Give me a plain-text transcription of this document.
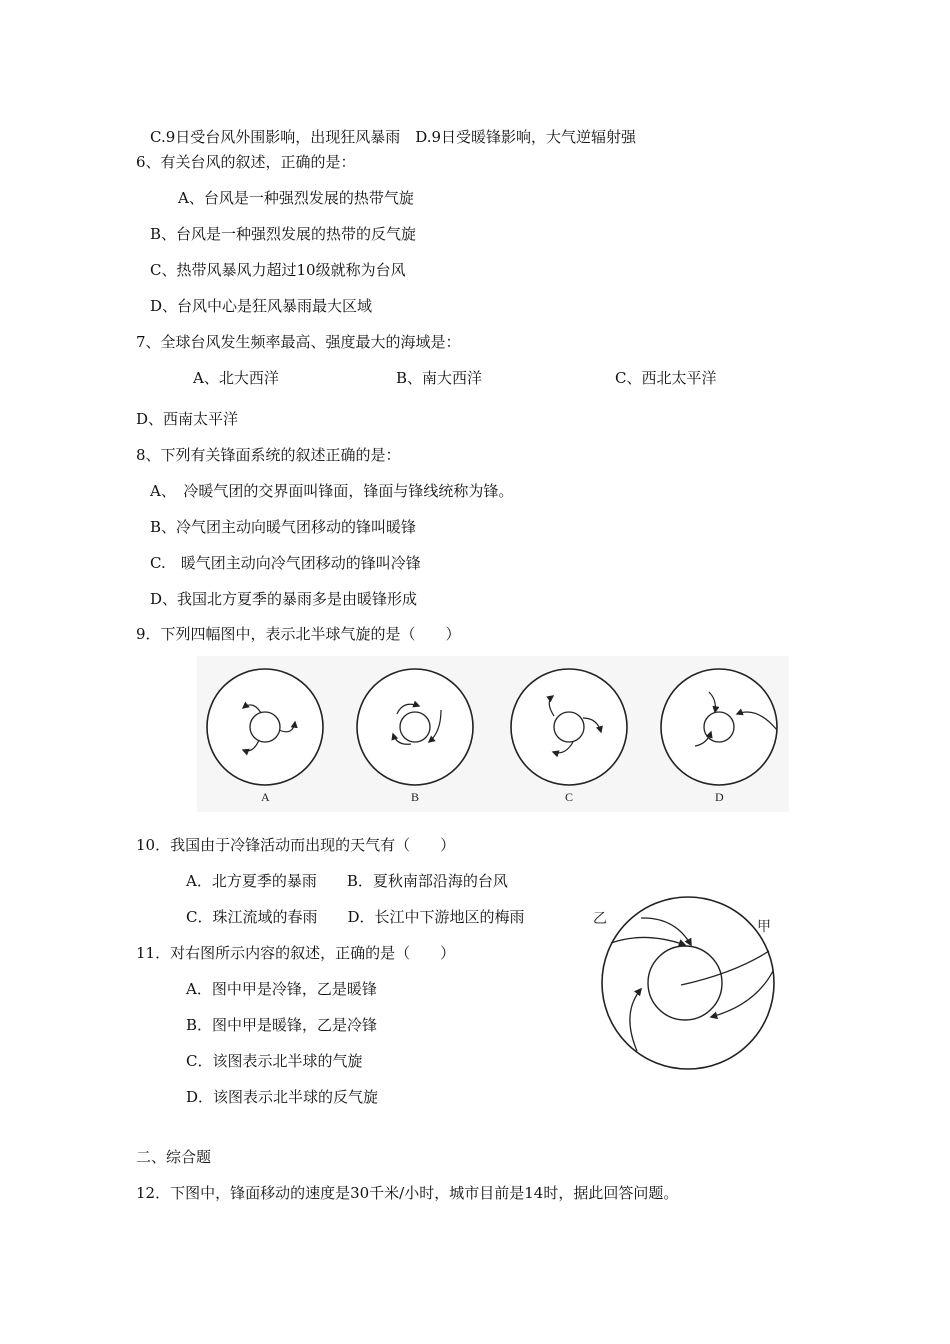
C.9日受台风外围影响，出现狂风暴雨　D.9日受暖锋影响，大气逆辐射强
6、有关台风的叙述，正确的是：
A、台风是一种强烈发展的热带气旋
B、台风是一种强烈发展的热带的反气旋
C、热带风暴风力超过10级就称为台风
D、台风中心是狂风暴雨最大区域
7、全球台风发生频率最高、强度最大的海域是：
A、北大西洋	B、南大西洋	C、西北太平洋
D、西南太平洋
8、下列有关锋面系统的叙述正确的是：
A、　冷暖气团的交界面叫锋面，锋面与锋线统称为锋。
B、冷气团主动向暖气团移动的锋叫暖锋
C.　暖气团主动向冷气团移动的锋叫冷锋
D、我国北方夏季的暴雨多是由暖锋形成
9．下列四幅图中，表示北半球气旋的是（　　）
A	B	C	D
10．我国由于冷锋活动而出现的天气有（　　）
A．北方夏季的暴雨　　B．夏秋南部沿海的台风
C．珠江流域的春雨　　D．长江中下游地区的梅雨
11．对右图所示内容的叙述，正确的是（　　）
A．图中甲是冷锋，乙是暖锋
B．图中甲是暖锋，乙是冷锋
C．该图表示北半球的气旋
D．该图表示北半球的反气旋
乙	甲
二、综合题
12．下图中，锋面移动的速度是30千米/小时，城市目前是14时，据此回答问题。
